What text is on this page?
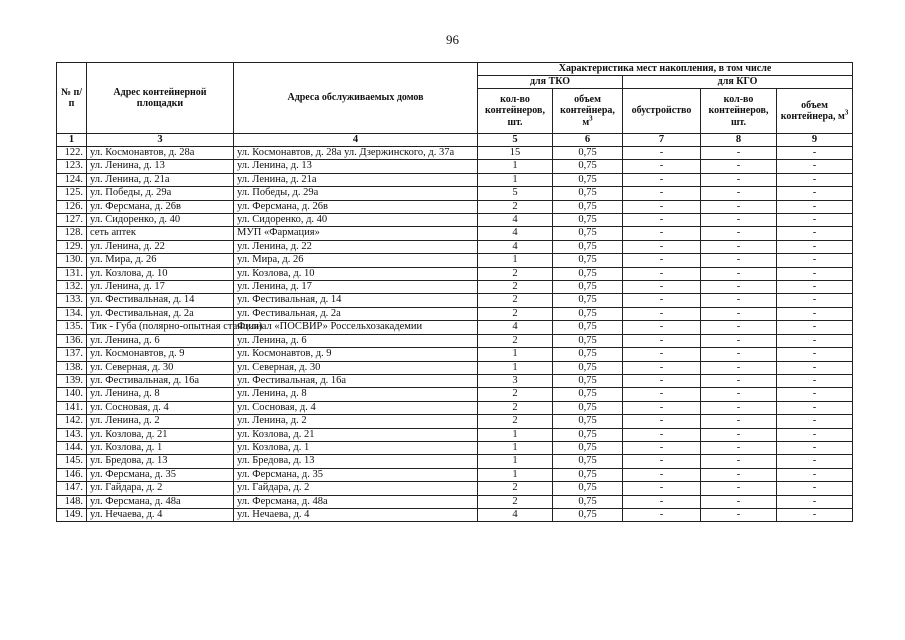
96
№ п/п	Адрес контейнерной площадки	Адреса обслуживаемых домов	Характеристика мест накопления, в том числе				
			для ТКО		для КГО		
			кол-во контейнеров, шт.	объем контейнера, $м^3$	обустройство	кол-во контейнеров, шт.	объем контейнера, $м^3$
1	3	4	5	6	7	8	9
122.	ул. Космонавтов, д. 28а	ул. Космонавтов, д. 28а ул. Дзержинского, д. 37а	15	0,75	-	-	-
123.	ул. Ленина, д. 13	ул. Ленина, д. 13	1	0,75	-	-	-
124.	ул. Ленина, д. 21а	ул. Ленина, д. 21а	1	0,75	-	-	-
125.	ул. Победы, д. 29а	ул. Победы, д. 29а	5	0,75	-	-	-
126.	ул. Ферсмана, д. 26в	ул. Ферсмана, д. 26в	2	0,75	-	-	-
127.	ул. Сидоренко, д. 40	ул. Сидоренко, д. 40	4	0,75	-	-	-
128.	сеть аптек	МУП «Фармация»	4	0,75	-	-	-
129.	ул. Ленина, д. 22	ул. Ленина, д. 22	4	0,75	-	-	-
130.	ул. Мира, д. 26	ул. Мира, д. 26	1	0,75	-	-	-
131.	ул. Козлова, д. 10	ул. Козлова, д. 10	2	0,75	-	-	-
132.	ул. Ленина, д. 17	ул. Ленина, д. 17	2	0,75	-	-	-
133.	ул. Фестивальная, д. 14	ул. Фестивальная, д. 14	2	0,75	-	-	-
134.	ул. Фестивальная, д. 2а	ул. Фестивальная, д. 2а	2	0,75	-	-	-
135.	Тик - Губа (полярно-опытная станция)	Филиал «ПОСВИР» Россельхозакадемии	4	0,75	-	-	-
136.	ул. Ленина, д. 6	ул. Ленина, д. 6	2	0,75	-	-	-
137.	ул. Космонавтов, д. 9	ул. Космонавтов, д. 9	1	0,75	-	-	-
138.	ул. Северная, д. 30	ул. Северная, д. 30	1	0,75	-	-	-
139.	ул. Фестивальная, д. 16а	ул. Фестивальная, д. 16а	3	0,75	-	-	-
140.	ул. Ленина, д. 8	ул. Ленина, д. 8	2	0,75	-	-	-
141.	ул. Сосновая, д. 4	ул. Сосновая, д. 4	2	0,75	-	-	-
142.	ул. Ленина, д. 2	ул. Ленина, д. 2	2	0,75	-	-	-
143.	ул. Козлова, д. 21	ул. Козлова, д. 21	1	0,75	-	-	-
144.	ул. Козлова, д. 1	ул. Козлова, д. 1	1	0,75	-	-	-
145.	ул. Бредова, д. 13	ул. Бредова, д. 13	1	0,75	-	-	-
146.	ул. Ферсмана, д. 35	ул. Ферсмана, д. 35	1	0,75	-	-	-
147.	ул. Гайдара, д. 2	ул. Гайдара, д. 2	2	0,75	-	-	-
148.	ул. Ферсмана, д. 48а	ул. Ферсмана, д. 48а	2	0,75	-	-	-
149.	ул. Нечаева, д. 4	ул. Нечаева, д. 4	4	0,75	-	-	-
